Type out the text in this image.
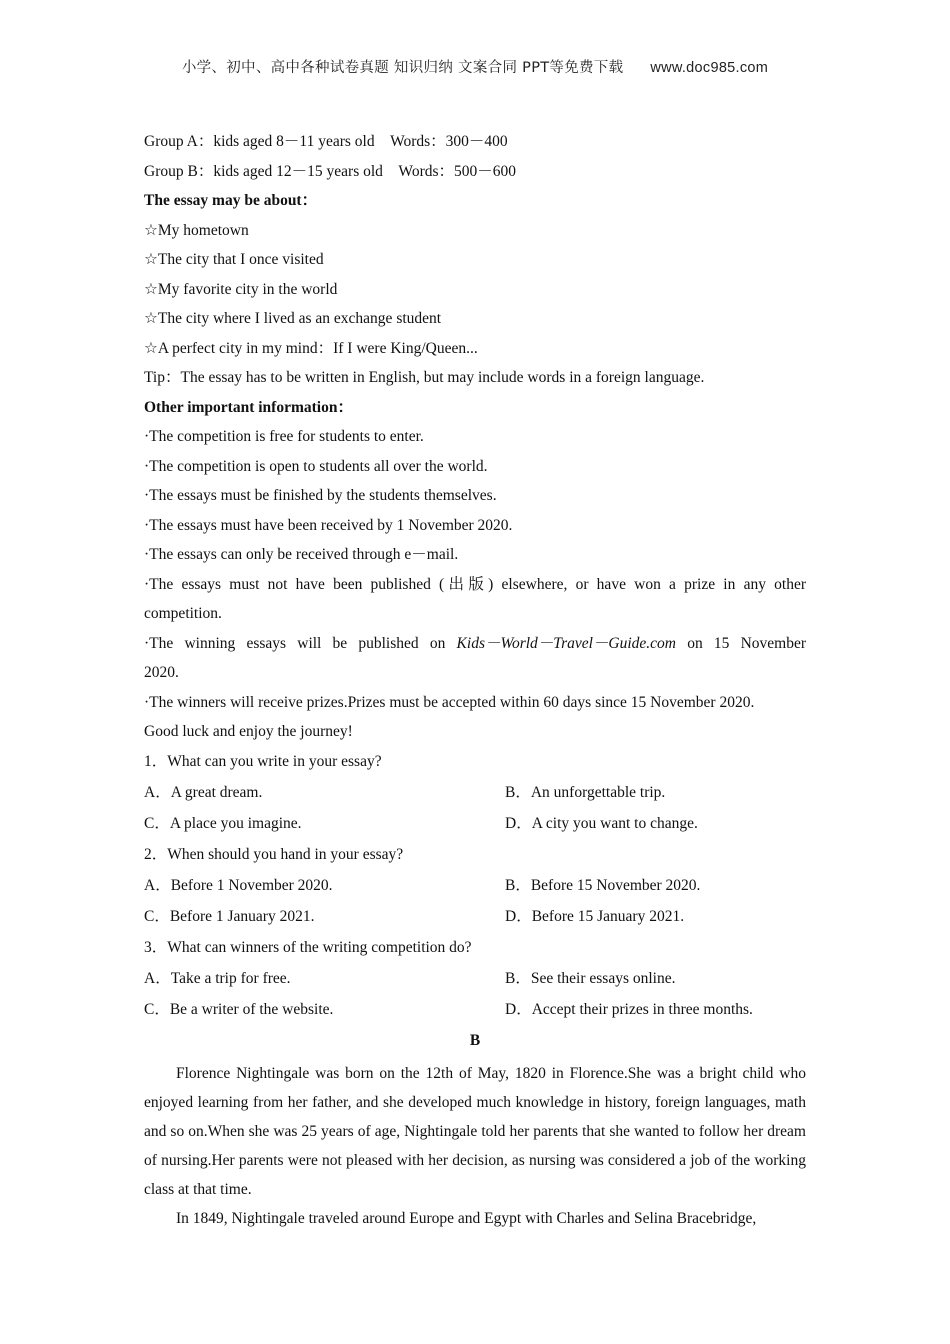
小学、初中、高中各种试卷真题 知识归纳 文案合同 PPT等免费下载 www.doc985.com
Group A：kids aged 8－11 years old　Words：300－400
Group B：kids aged 12－15 years old　Words：500－600
The essay may be about：
☆My hometown
☆The city that I once visited
☆My favorite city in the world
☆The city where I lived as an exchange student
☆A perfect city in my mind：If I were King/Queen...
Tip：The essay has to be written in English, but may include words in a foreign language.
Other important information：
·The competition is free for students to enter.
·The competition is open to students all over the world.
·The essays must be finished by the students themselves.
·The essays must have been received by 1 November 2020.
·The essays can only be received through e－mail.
·The essays must not have been published (出版) elsewhere, or have won a prize in any other
competition.
·The winning essays will be published on Kids－World－Travel－Guide.com on 15 November
2020.
·The winners will receive prizes.Prizes must be accepted within 60 days since 15 November 2020.
Good luck and enjoy the journey!
1．What can you write in your essay?
A．A great dream.	B．An unforgettable trip.
C．A place you imagine.	D．A city you want to change.
2．When should you hand in your essay?
A．Before 1 November 2020.	B．Before 15 November 2020.
C．Before 1 January 2021.	D．Before 15 January 2021.
3．What can winners of the writing competition do?
A．Take a trip for free.	B．See their essays online.
C．Be a writer of the website.	D．Accept their prizes in three months.
B

Florence Nightingale was born on the 12th of May, 1820 in Florence.She was a bright child who enjoyed learning from her father, and she developed much knowledge in history, foreign languages, math and so on.When she was 25 years of age, Nightingale told her parents that she wanted to follow her dream of nursing.Her parents were not pleased with her decision, as nursing was considered a job of the working class at that time.

In 1849, Nightingale traveled around Europe and Egypt with Charles and Selina Bracebridge,
